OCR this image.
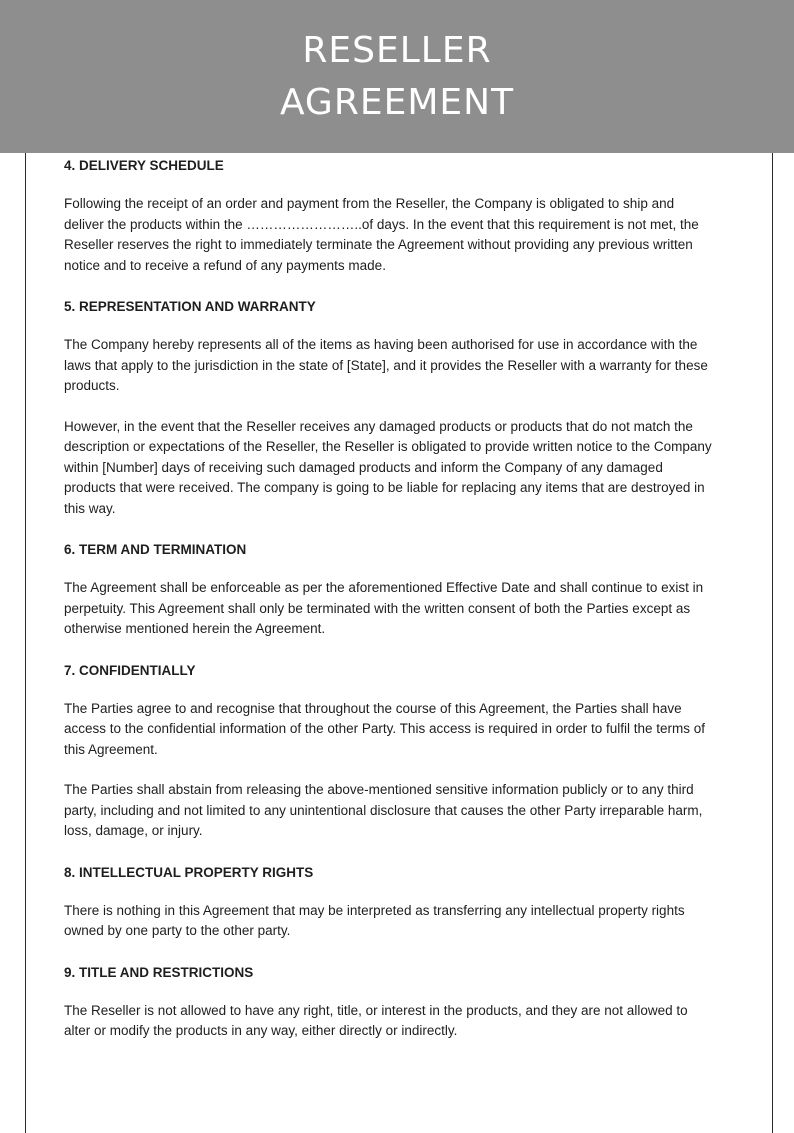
RESELLER AGREEMENT

4. DELIVERY SCHEDULE

Following the receipt of an order and payment from the Reseller, the Company is obligated to ship and deliver the products within the ……………………..of days. In the event that this requirement is not met, the Reseller reserves the right to immediately terminate the Agreement without providing any previous written notice and to receive a refund of any payments made.

5. REPRESENTATION AND WARRANTY

The Company hereby represents all of the items as having been authorised for use in accordance with the laws that apply to the jurisdiction in the state of [State], and it provides the Reseller with a warranty for these products.

However, in the event that the Reseller receives any damaged products or products that do not match the description or expectations of the Reseller, the Reseller is obligated to provide written notice to the Company within [Number] days of receiving such damaged products and inform the Company of any damaged products that were received. The company is going to be liable for replacing any items that are destroyed in this way.

6. TERM AND TERMINATION

The Agreement shall be enforceable as per the aforementioned Effective Date and shall continue to exist in perpetuity. This Agreement shall only be terminated with the written consent of both the Parties except as otherwise mentioned herein the Agreement.

7. CONFIDENTIALLY

The Parties agree to and recognise that throughout the course of this Agreement, the Parties shall have access to the confidential information of the other Party. This access is required in order to fulfil the terms of this Agreement.

The Parties shall abstain from releasing the above-mentioned sensitive information publicly or to any third party, including and not limited to any unintentional disclosure that causes the other Party irreparable harm, loss, damage, or injury.

8. INTELLECTUAL PROPERTY RIGHTS

There is nothing in this Agreement that may be interpreted as transferring any intellectual property rights owned by one party to the other party.

9. TITLE AND RESTRICTIONS

The Reseller is not allowed to have any right, title, or interest in the products, and they are not allowed to alter or modify the products in any way, either directly or indirectly.
